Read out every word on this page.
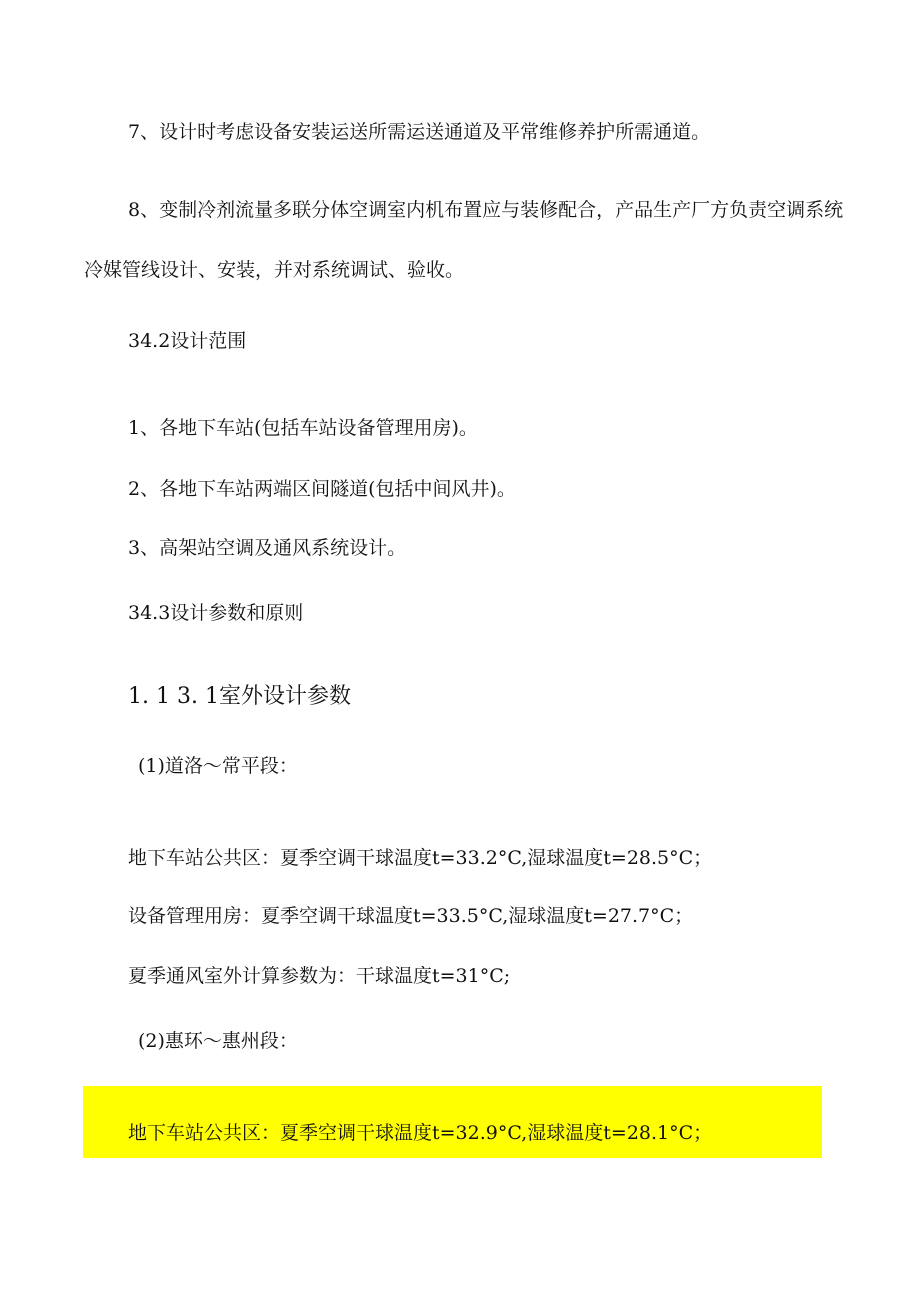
7、设计时考虑设备安装运送所需运送通道及平常维修养护所需通道。
8、变制冷剂流量多联分体空调室内机布置应与装修配合，产品生产厂方负责空调系统
冷媒管线设计、安装，并对系统调试、验收。
34.2设计范围
1、各地下车站(包括车站设备管理用房)。
2、各地下车站两端区间隧道(包括中间风井)。
3、高架站空调及通风系统设计。
34.3设计参数和原则
1. 1 3. 1室外设计参数
(1)道洛～常平段：
地下车站公共区：夏季空调干球温度t=33.2°C,湿球温度t=28.5°C；
设备管理用房：夏季空调干球温度t=33.5°C,湿球温度t=27.7°C；
夏季通风室外计算参数为：干球温度t=31°C;
(2)惠环～惠州段：
地下车站公共区：夏季空调干球温度t=32.9°C,湿球温度t=28.1°C；
